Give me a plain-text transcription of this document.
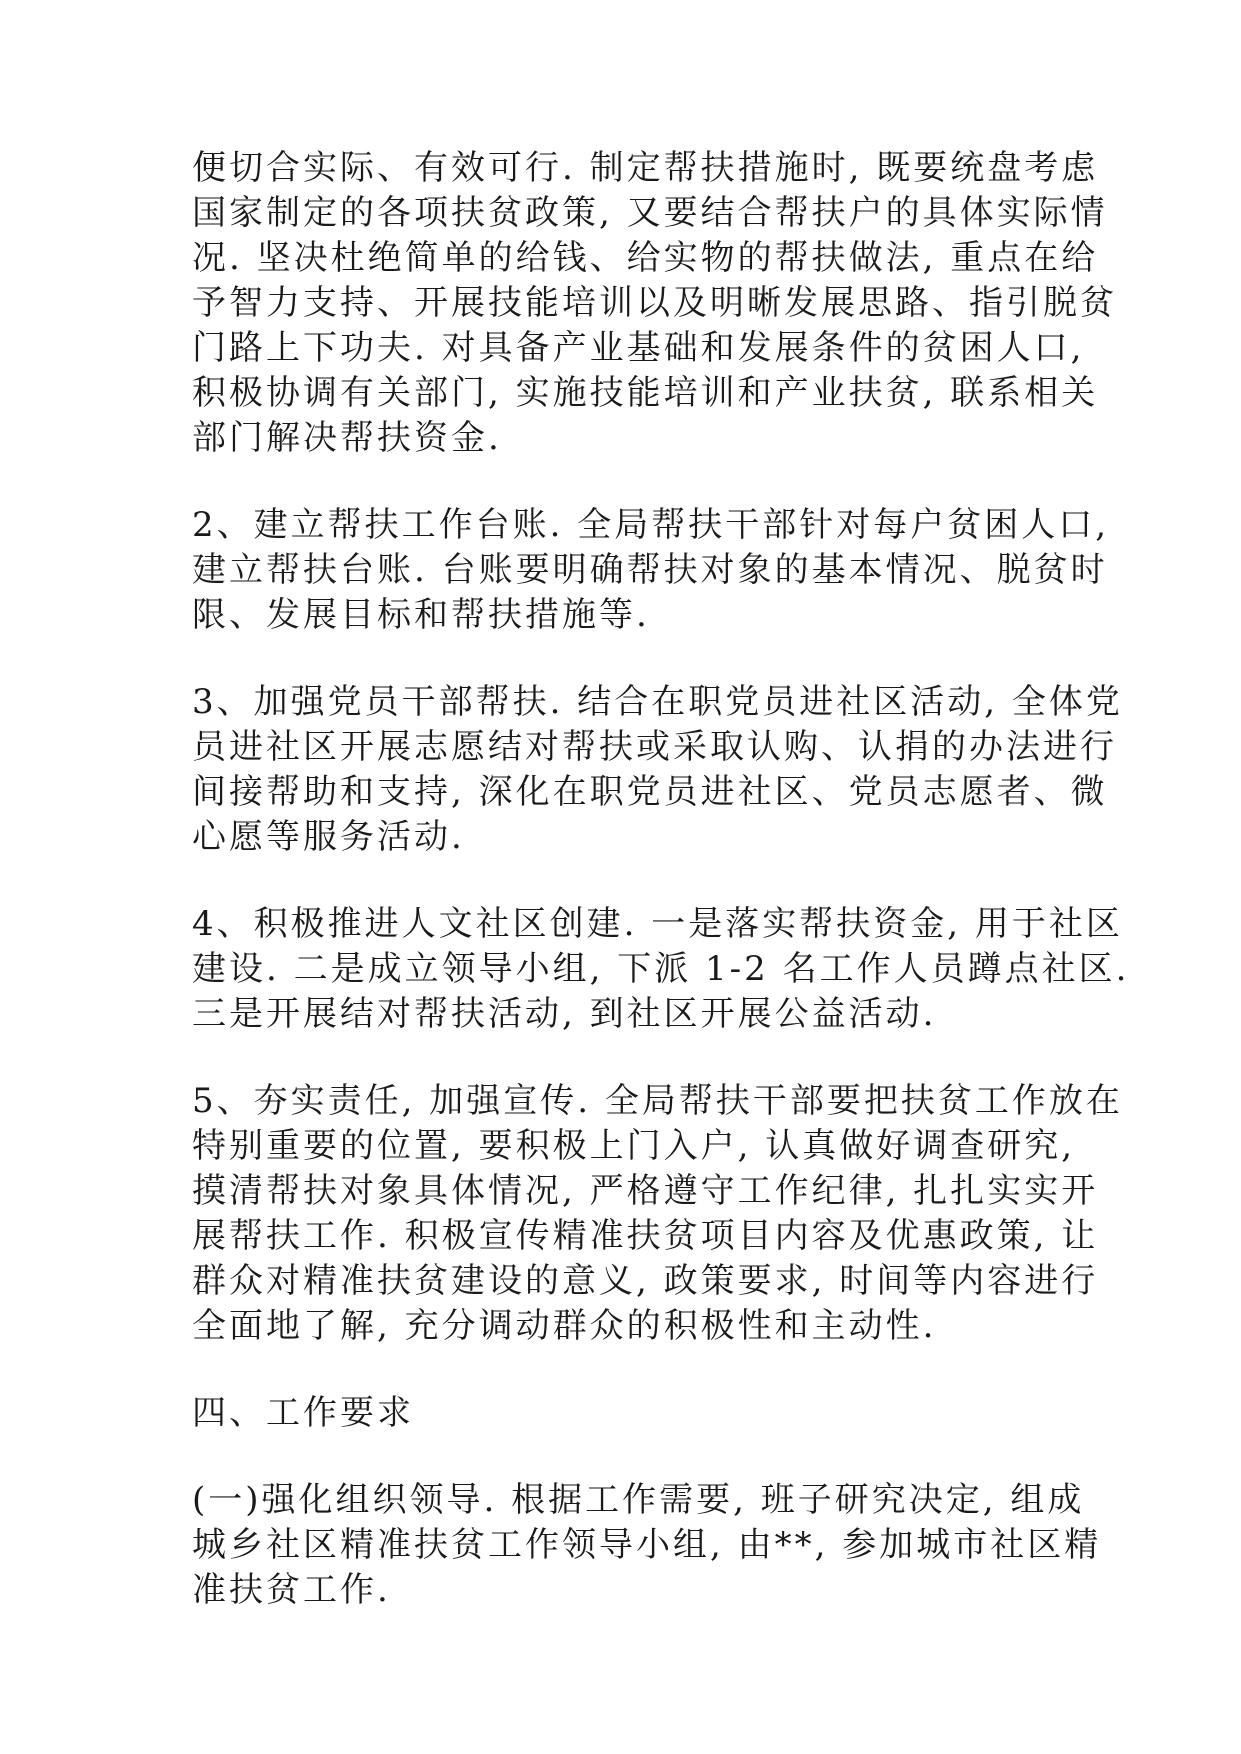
便切合实际、有效可行. 制定帮扶措施时, 既要统盘考虑
国家制定的各项扶贫政策, 又要结合帮扶户的具体实际情
况. 坚决杜绝简单的给钱、给实物的帮扶做法, 重点在给
予智力支持、开展技能培训以及明晰发展思路、指引脱贫
门路上下功夫. 对具备产业基础和发展条件的贫困人口,
积极协调有关部门, 实施技能培训和产业扶贫, 联系相关
部门解决帮扶资金.
2、建立帮扶工作台账. 全局帮扶干部针对每户贫困人口,
建立帮扶台账. 台账要明确帮扶对象的基本情况、脱贫时
限、发展目标和帮扶措施等.
3、加强党员干部帮扶. 结合在职党员进社区活动, 全体党
员进社区开展志愿结对帮扶或采取认购、认捐的办法进行
间接帮助和支持, 深化在职党员进社区、党员志愿者、微
心愿等服务活动.
4、积极推进人文社区创建. 一是落实帮扶资金, 用于社区
建设. 二是成立领导小组, 下派 1-2 名工作人员蹲点社区.
三是开展结对帮扶活动, 到社区开展公益活动.
5、夯实责任, 加强宣传. 全局帮扶干部要把扶贫工作放在
特别重要的位置, 要积极上门入户, 认真做好调查研究,
摸清帮扶对象具体情况, 严格遵守工作纪律, 扎扎实实开
展帮扶工作. 积极宣传精准扶贫项目内容及优惠政策, 让
群众对精准扶贫建设的意义, 政策要求, 时间等内容进行
全面地了解, 充分调动群众的积极性和主动性.
四、工作要求
(一)强化组织领导. 根据工作需要, 班子研究决定, 组成
城乡社区精准扶贫工作领导小组, 由**, 参加城市社区精
准扶贫工作.
